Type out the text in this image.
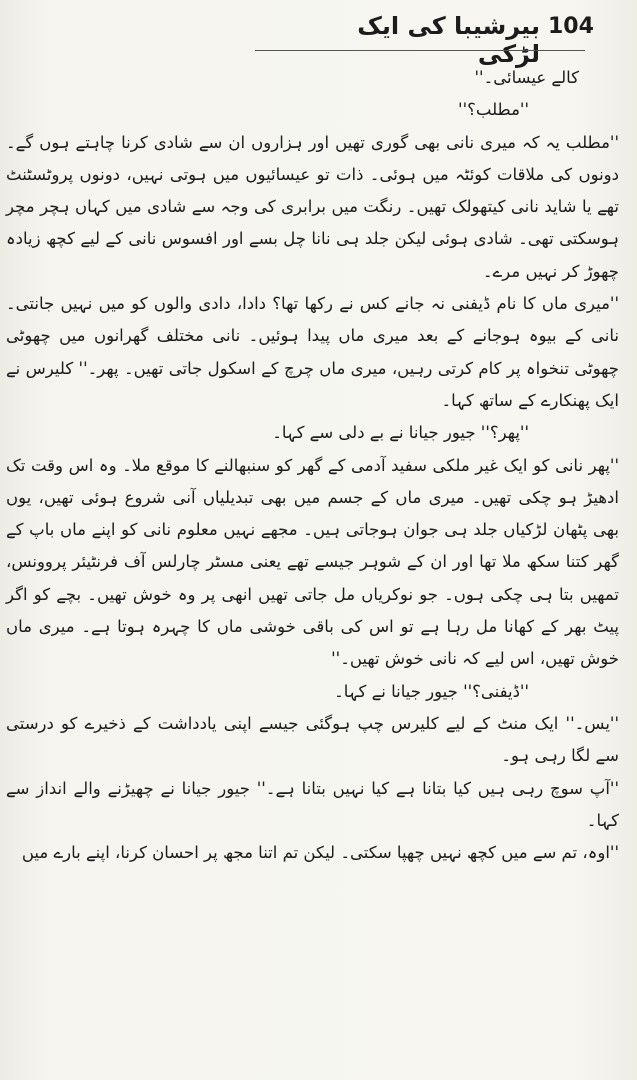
104
بیرشیبا کی ایک لڑکی

کالے عیسائی۔''

''مطلب؟''

''مطلب یہ کہ میری نانی بھی گوری تھیں اور ہزاروں ان سے شادی کرنا چاہتے ہوں گے۔ دونوں کی ملاقات کوئٹہ میں ہوئی۔ ذات تو عیسائیوں میں ہوتی نہیں، دونوں پروٹسٹنٹ تھے یا شاید نانی کیتھولک تھیں۔ رنگت میں برابری کی وجہ سے شادی میں کہاں ہچر مچر ہوسکتی تھی۔ شادی ہوئی لیکن جلد ہی نانا چل بسے اور افسوس نانی کے لیے کچھ زیادہ چھوڑ کر نہیں مرے۔

''میری ماں کا نام ڈیفنی نہ جانے کس نے رکھا تھا؟ دادا، دادی والوں کو میں نہیں جانتی۔ نانی کے بیوہ ہوجانے کے بعد میری ماں پیدا ہوئیں۔ نانی مختلف گھرانوں میں چھوٹی چھوٹی تنخواہ پر کام کرتی رہیں، میری ماں چرچ کے اسکول جاتی تھیں۔ پھر۔'' کلیرس نے ایک پھنکارے کے ساتھ کہا۔

''پھر؟'' جیور جیانا نے بے دلی سے کہا۔

''پھر نانی کو ایک غیر ملکی سفید آدمی کے گھر کو سنبھالنے کا موقع ملا۔ وہ اس وقت تک ادھیڑ ہو چکی تھیں۔ میری ماں کے جسم میں بھی تبدیلیاں آنی شروع ہوئی تھیں، یوں بھی پٹھان لڑکیاں جلد ہی جوان ہوجاتی ہیں۔ مجھے نہیں معلوم نانی کو اپنے ماں باپ کے گھر کتنا سکھ ملا تھا اور ان کے شوہر جیسے تھے یعنی مسٹر چارلس آف فرنٹیئر پروونس، تمھیں بتا ہی چکی ہوں۔ جو نوکریاں مل جاتی تھیں انھی پر وہ خوش تھیں۔ بچے کو اگر پیٹ بھر کے کھانا مل رہا ہے تو اس کی باقی خوشی ماں کا چہرہ ہوتا ہے۔ میری ماں خوش تھیں، اس لیے کہ نانی خوش تھیں۔''

''ڈیفنی؟'' جیور جیانا نے کہا۔

''یس۔'' ایک منٹ کے لیے کلیرس چپ ہوگئی جیسے اپنی یادداشت کے ذخیرے کو درستی سے لگا رہی ہو۔

''آپ سوچ رہی ہیں کیا بتانا ہے کیا نہیں بتانا ہے۔'' جیور جیانا نے چھیڑنے والے انداز سے کہا۔

''اوہ، تم سے میں کچھ نہیں چھپا سکتی۔ لیکن تم اتنا مجھ پر احسان کرنا، اپنے بارے میں
